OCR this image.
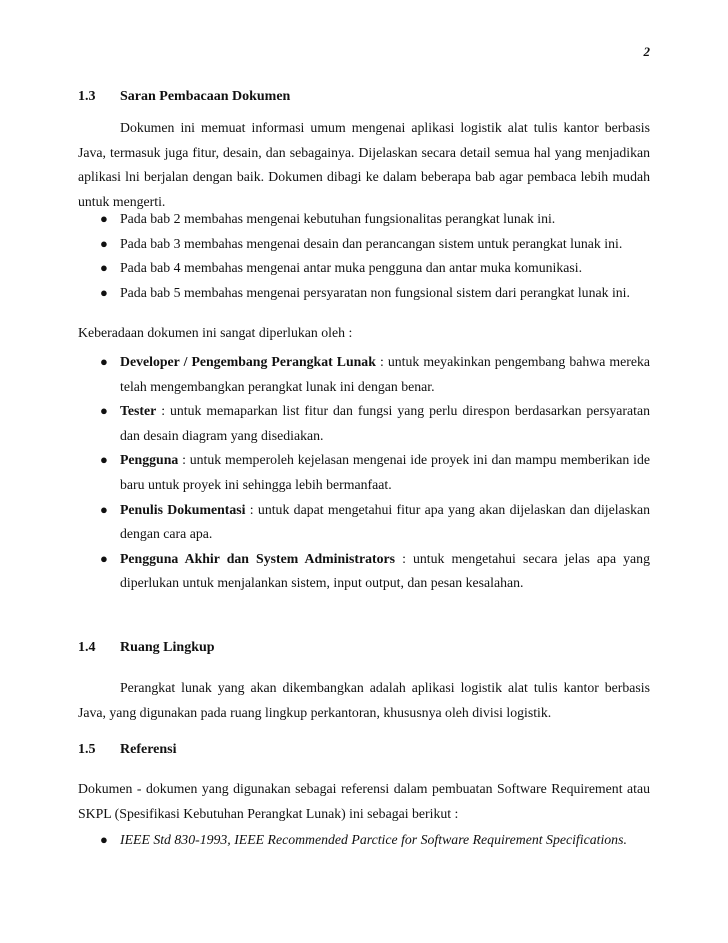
2
1.3 Saran Pembacaan Dokumen
Dokumen ini memuat informasi umum mengenai aplikasi logistik alat tulis kantor berbasis Java, termasuk juga fitur, desain, dan sebagainya. Dijelaskan secara detail semua hal yang menjadikan aplikasi lni berjalan dengan baik. Dokumen dibagi ke dalam beberapa bab agar pembaca lebih mudah untuk mengerti.
● Pada bab 2 membahas mengenai kebutuhan fungsionalitas perangkat lunak ini.
● Pada bab 3 membahas mengenai desain dan perancangan sistem untuk perangkat lunak ini.
● Pada bab 4 membahas mengenai antar muka pengguna dan antar muka komunikasi.
● Pada bab 5 membahas mengenai persyaratan non fungsional sistem dari perangkat lunak ini.
Keberadaan dokumen ini sangat diperlukan oleh :
● Developer / Pengembang Perangkat Lunak : untuk meyakinkan pengembang bahwa mereka telah mengembangkan perangkat lunak ini dengan benar.
● Tester : untuk memaparkan list fitur dan fungsi yang perlu direspon berdasarkan persyaratan dan desain diagram yang disediakan.
● Pengguna : untuk memperoleh kejelasan mengenai ide proyek ini dan mampu memberikan ide baru untuk proyek ini sehingga lebih bermanfaat.
● Penulis Dokumentasi : untuk dapat mengetahui fitur apa yang akan dijelaskan dan dijelaskan dengan cara apa.
● Pengguna Akhir dan System Administrators : untuk mengetahui secara jelas apa yang diperlukan untuk menjalankan sistem, input output, dan pesan kesalahan.
1.4 Ruang Lingkup
Perangkat lunak yang akan dikembangkan adalah aplikasi logistik alat tulis kantor berbasis Java, yang digunakan pada ruang lingkup perkantoran, khususnya oleh divisi logistik.
1.5 Referensi
Dokumen - dokumen yang digunakan sebagai referensi dalam pembuatan Software Requirement atau SKPL (Spesifikasi Kebutuhan Perangkat Lunak) ini sebagai berikut :
● IEEE Std 830-1993, IEEE Recommended Parctice for Software Requirement Specifications.
